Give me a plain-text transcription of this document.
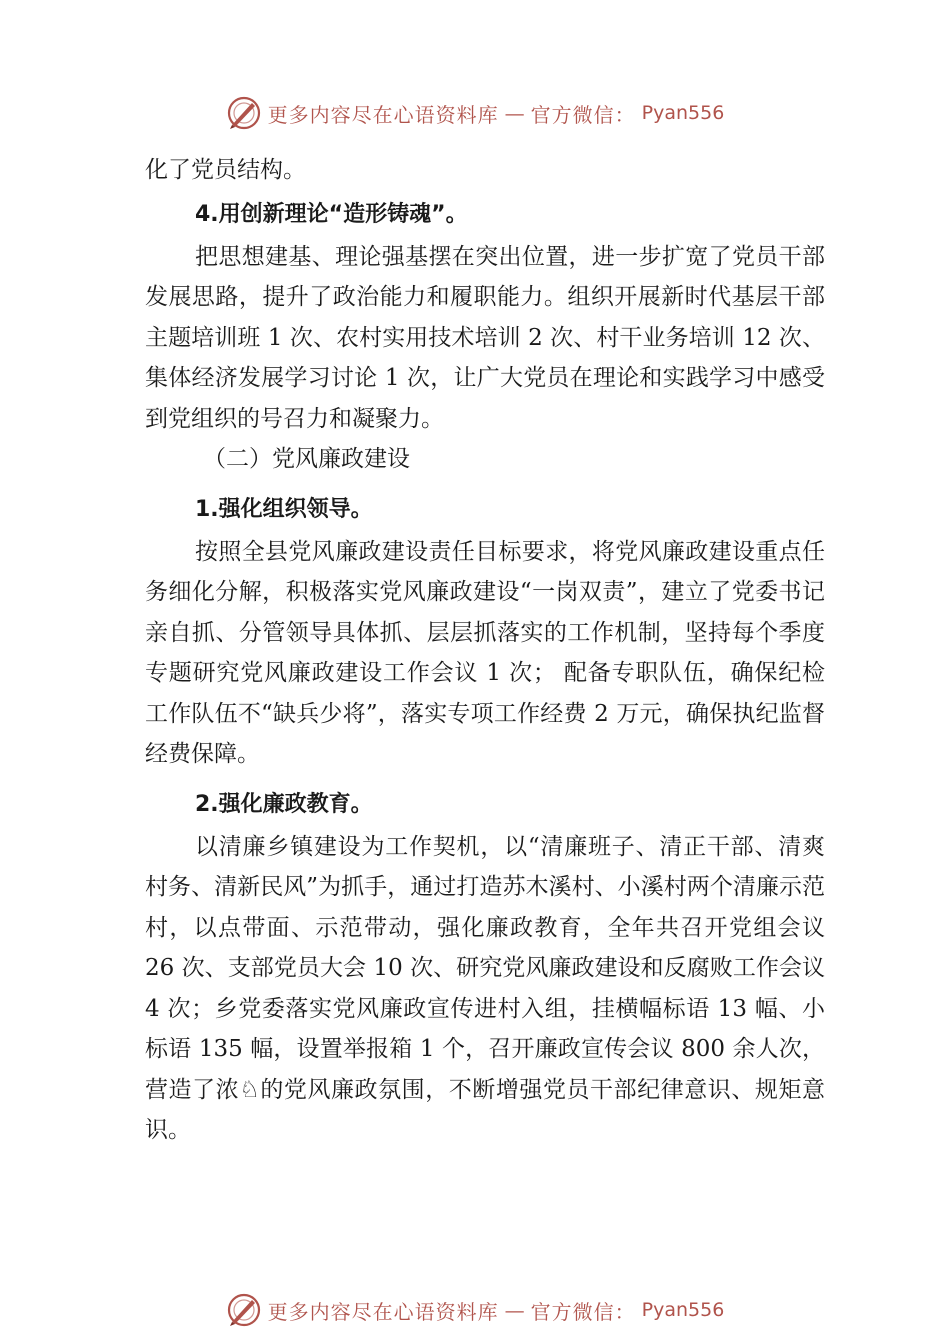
更多内容尽在心语资料库 — 官方微信： Pyan556

化了党员结构。

4.用创新理论“造形铸魂”。

把思想建基、理论强基摆在突出位置，进一步扩宽了党员干部发展思路，提升了政治能力和履职能力。组织开展新时代基层干部主题培训班 1 次、农村实用技术培训 2 次、村干业务培训 12 次、集体经济发展学习讨论 1 次，让广大党员在理论和实践学习中感受到党组织的号召力和凝聚力。

（二）党风廉政建设

1.强化组织领导。

按照全县党风廉政建设责任目标要求，将党风廉政建设重点任务细化分解，积极落实党风廉政建设“一岗双责”，建立了党委书记亲自抓、分管领导具体抓、层层抓落实的工作机制，坚持每个季度专题研究党风廉政建设工作会议 1 次； 配备专职队伍，确保纪检工作队伍不“缺兵少将”，落实专项工作经费 2 万元，确保执纪监督经费保障。

2.强化廉政教育。

以清廉乡镇建设为工作契机，以“清廉班子、清正干部、清爽村务、清新民风”为抓手，通过打造苏木溪村、小溪村两个清廉示范村，以点带面、示范带动，强化廉政教育，全年共召开党组会议 26 次、支部党员大会 10 次、研究党风廉政建设和反腐败工作会议 4 次；乡党委落实党风廉政宣传进村入组，挂横幅标语 13 幅、小标语 135 幅，设置举报箱 1 个，召开廉政宣传会议 800 余人次，营造了浓♘的党风廉政氛围，不断增强党员干部纪律意识、规矩意识。

更多内容尽在心语资料库 — 官方微信： Pyan556
